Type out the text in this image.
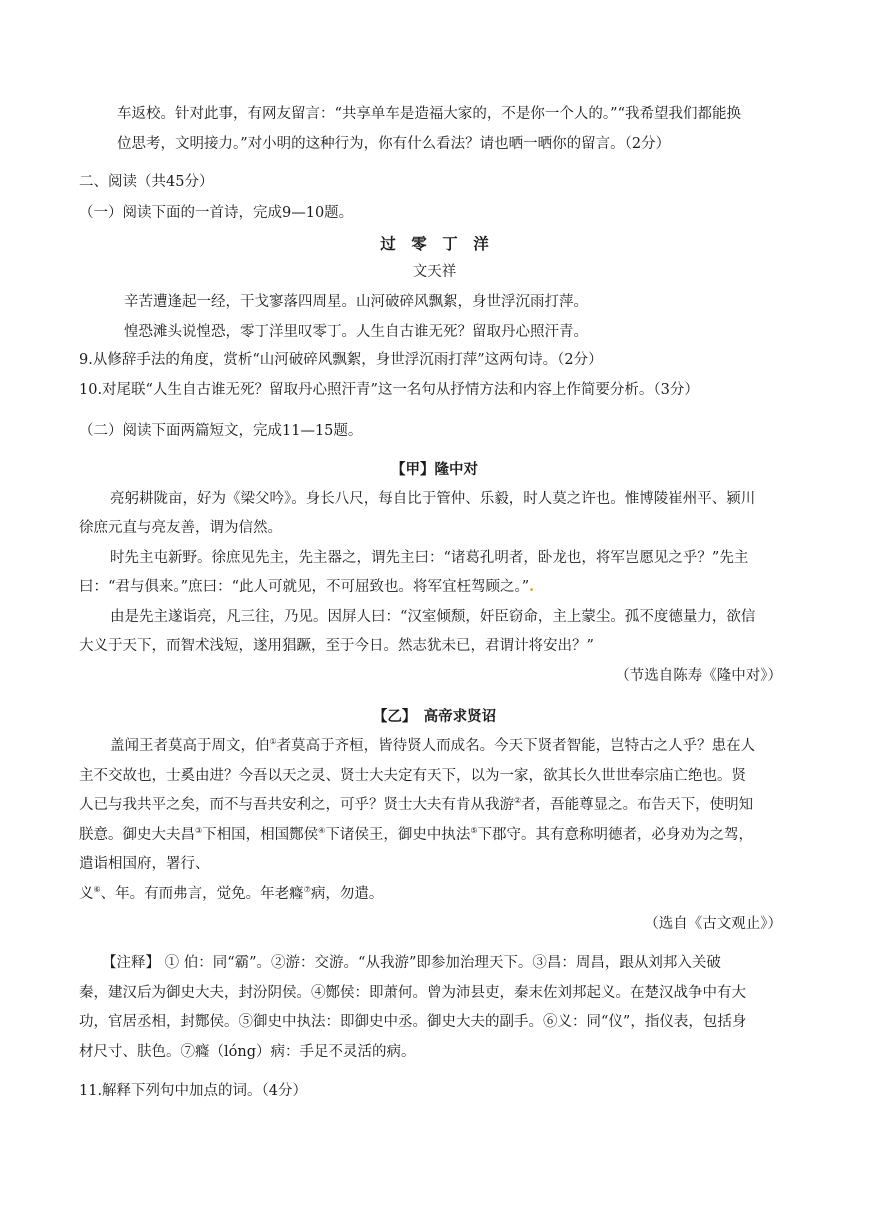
车返校。针对此事，有网友留言：“共享单车是造福大家的，不是你一个人的。”“我希望我们都能换
位思考，文明接力。”对小明的这种行为，你有什么看法？请也晒一晒你的留言。（2分）
二、阅读（共45分）
（一）阅读下面的一首诗，完成9—10题。
过　零　丁　洋
文天祥
辛苦遭逢起一经，干戈寥落四周星。山河破碎风飘絮，身世浮沉雨打萍。
惶恐滩头说惶恐，零丁洋里叹零丁。人生自古谁无死？留取丹心照汗青。
9.从修辞手法的角度，赏析“山河破碎风飘絮，身世浮沉雨打萍”这两句诗。（2分）
10.对尾联“人生自古谁无死？留取丹心照汗青”这一名句从抒情方法和内容上作简要分析。（3分）
（二）阅读下面两篇短文，完成11—15题。
【甲】隆中对
亮躬耕陇亩，好为《梁父吟》。身长八尺，每自比于管仲、乐毅，时人莫之许也。惟博陵崔州平、颍川
徐庶元直与亮友善，谓为信然。
时先主屯新野。徐庶见先主，先主器之，谓先主曰：“诸葛孔明者，卧龙也，将军岂愿见之乎？”先主
曰：“君与俱来。”庶曰：“此人可就见，不可屈致也。将军宜枉驾顾之。”.
由是先主遂诣亮，凡三往，乃见。因屏人曰：“汉室倾颓，奸臣窃命，主上蒙尘。孤不度德量力，欲信
大义于天下，而智术浅短，遂用猖蹶，至于今日。然志犹未已，君谓计将安出？”
（节选自陈寿《隆中对》）
【乙】　高帝求贤诏
盖闻王者莫高于周文，伯①者莫高于齐桓，皆待贤人而成名。今天下贤者智能，岂特古之人乎？患在人
主不交故也，士奚由进？今吾以天之灵、贤士大夫定有天下，以为一家，欲其长久世世奉宗庙亡绝也。贤
人已与我共平之矣，而不与吾共安利之，可乎？贤士大夫有肯从我游②者，吾能尊显之。布告天下，使明知
朕意。御史大夫昌③下相国，相国酂侯④下诸侯王，御史中执法⑤下郡守。其有意称明德者，必身劝为之驾，
遣诣相国府，署行、
义⑥、年。有而弗言，觉免。年老癃⑦病，勿遣。
（选自《古文观止》）
【注释】 ① 伯：同“霸”。②游：交游。“从我游”即参加治理天下。③昌：周昌，跟从刘邦入关破
秦，建汉后为御史大夫，封汾阴侯。④酂侯：即萧何。曾为沛县吏，秦末佐刘邦起义。在楚汉战争中有大
功，官居丞相，封酂侯。⑤御史中执法：即御史中丞。御史大夫的副手。⑥义：同“仪”，指仪表，包括身
材尺寸、肤色。⑦癃（lóng）病：手足不灵活的病。
11.解释下列句中加点的词。（4分）
